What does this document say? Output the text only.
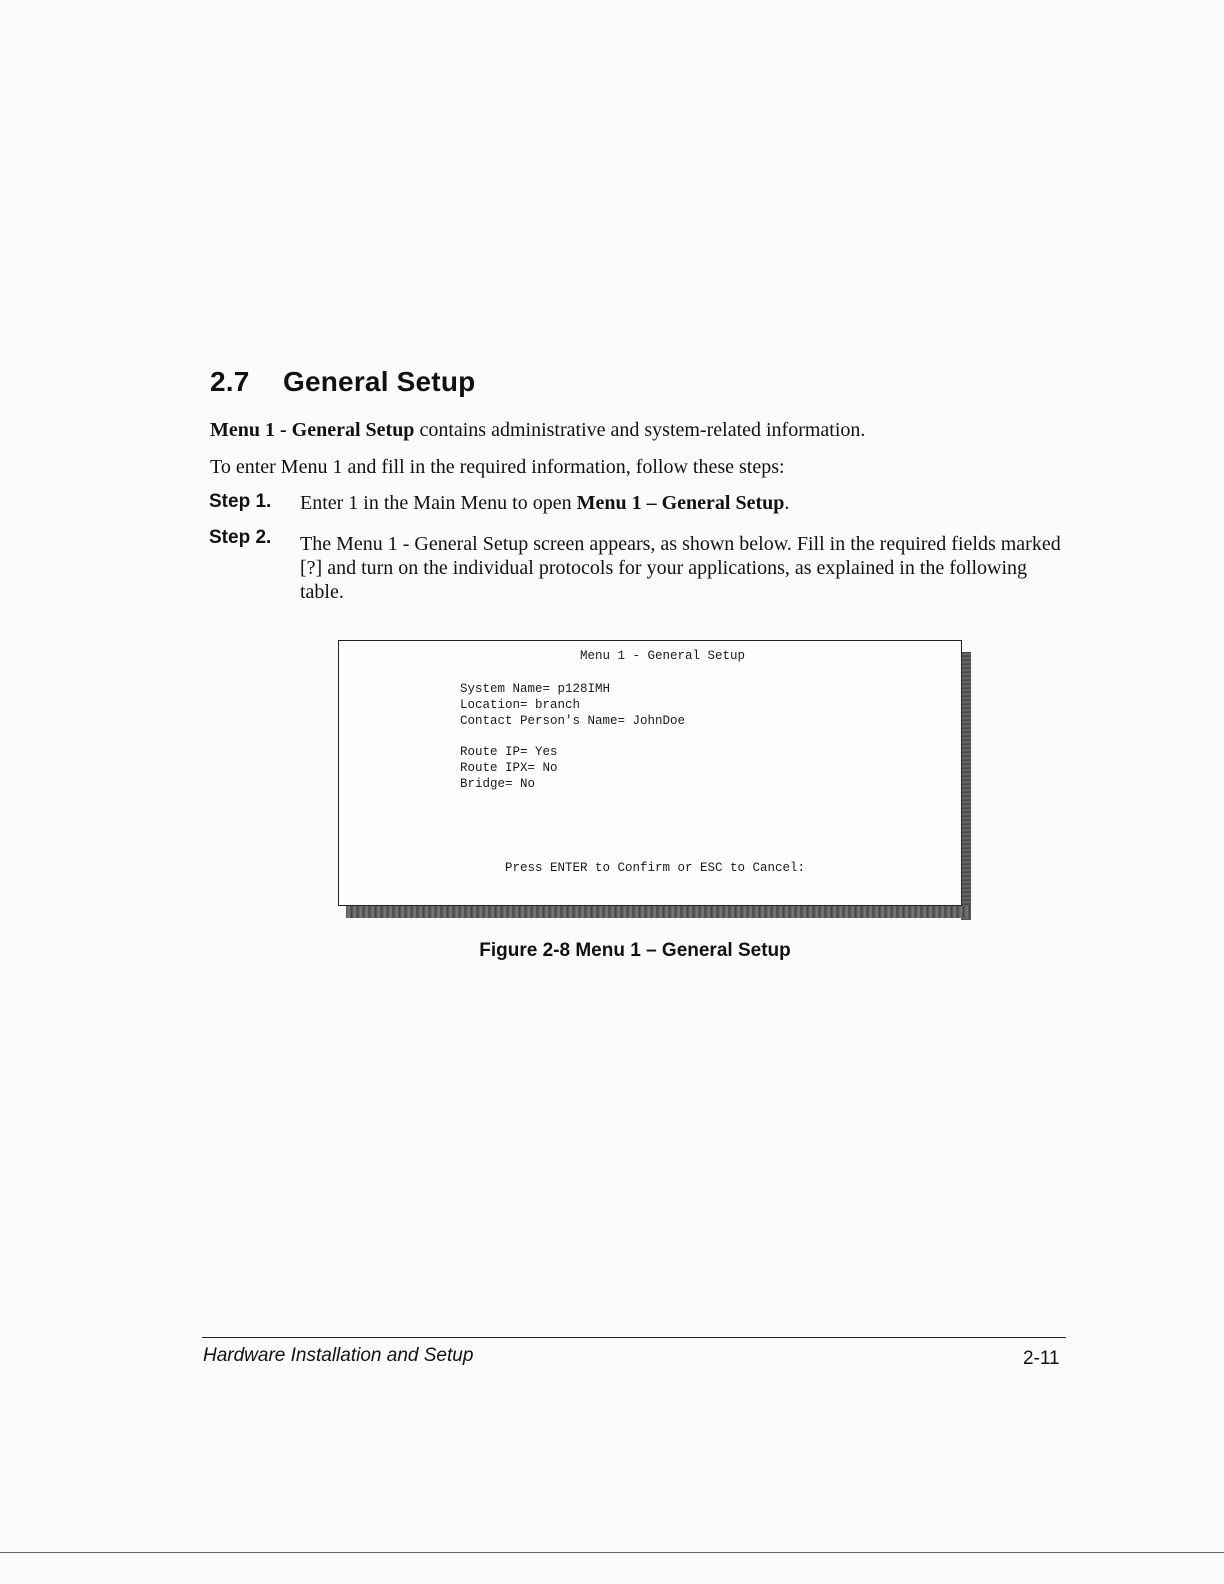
2.7 General Setup
Menu 1 - General Setup contains administrative and system-related information.
To enter Menu 1 and fill in the required information, follow these steps:
Step 1. Enter 1 in the Main Menu to open Menu 1 – General Setup.
Step 2. The Menu 1 - General Setup screen appears, as shown below. Fill in the required fields marked [?] and turn on the individual protocols for your applications, as explained in the following table.
Menu 1 - General Setup
System Name= p128IMH
Location= branch
Contact Person's Name= JohnDoe
Route IP= Yes
Route IPX= No
Bridge= No
Press ENTER to Confirm or ESC to Cancel:
Figure 2-8 Menu 1 – General Setup
Hardware Installation and Setup	2-11
